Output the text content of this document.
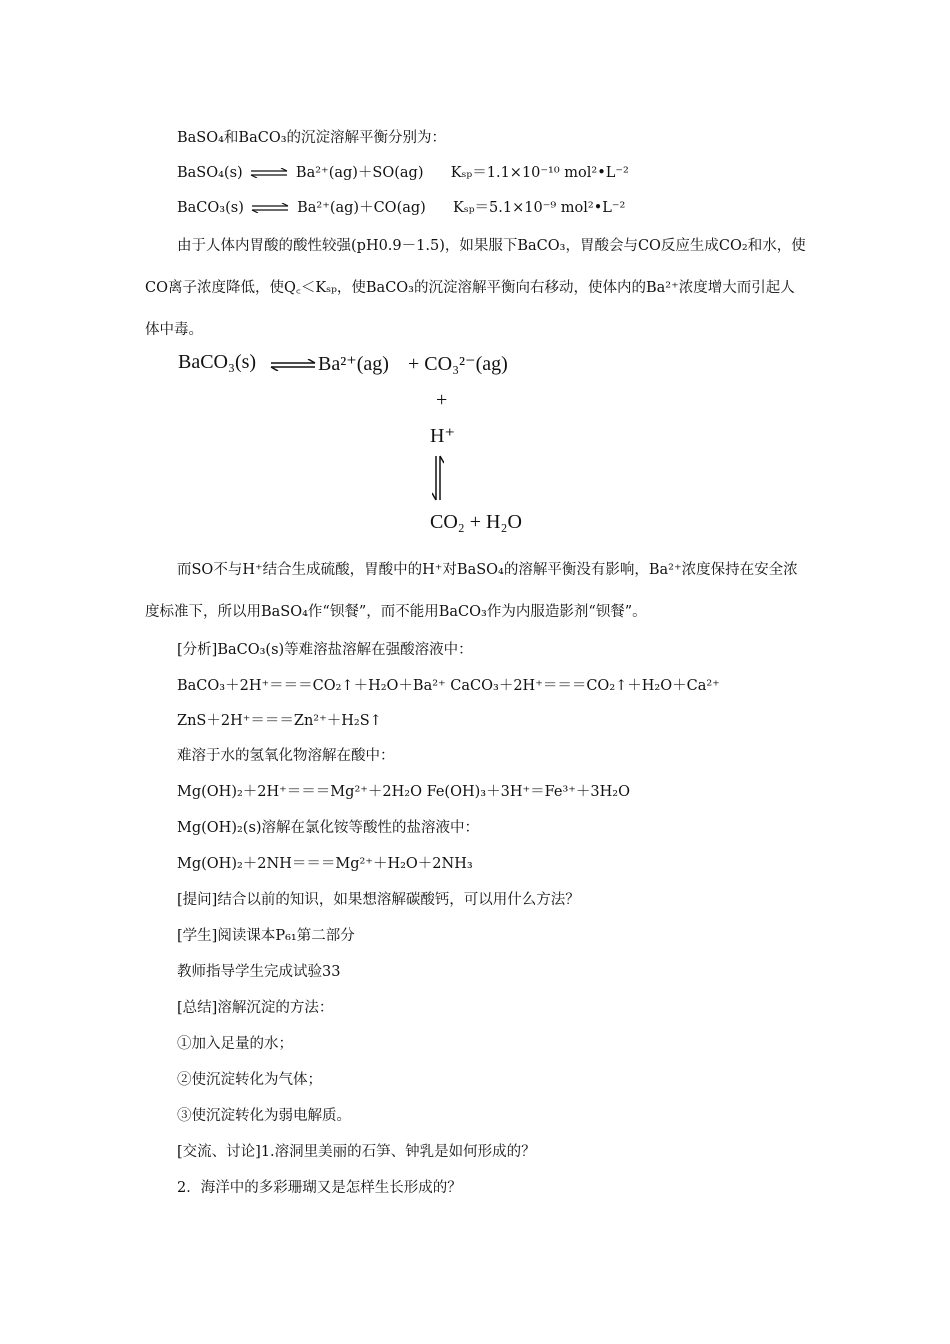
BaSO₄和BaCO₃的沉淀溶解平衡分别为：
BaSO₄(s) ⇌ Ba²⁺(ag)＋SO(ag) Kₛₚ＝1.1×10⁻¹⁰ mol²•L⁻²
BaCO₃(s) ⇌ Ba²⁺(ag)＋CO(ag) Kₛₚ＝5.1×10⁻⁹ mol²•L⁻²
由于人体内胃酸的酸性较强(pH0.9－1.5)，如果服下BaCO₃，胃酸会与CO反应生成CO₂和水，使CO离子浓度降低，使Q꜀＜Kₛₚ，使BaCO₃的沉淀溶解平衡向右移动，使体内的Ba²⁺浓度增大而引起人体中毒。
BaCO₃(s) ⇌ Ba²⁺(ag) + CO₃²⁻(ag)
+
H⁺
CO₂ + H₂O
而SO不与H⁺结合生成硫酸，胃酸中的H⁺对BaSO₄的溶解平衡没有影响，Ba²⁺浓度保持在安全浓度标准下，所以用BaSO₄作“钡餐”，而不能用BaCO₃作为内服造影剂“钡餐”。
[分析]BaCO₃(s)等难溶盐溶解在强酸溶液中：
BaCO₃＋2H⁺＝＝＝CO₂↑＋H₂O＋Ba²⁺ CaCO₃＋2H⁺＝＝＝CO₂↑＋H₂O＋Ca²⁺
ZnS＋2H⁺＝＝＝Zn²⁺＋H₂S↑
难溶于水的氢氧化物溶解在酸中：
Mg(OH)₂＋2H⁺＝＝＝Mg²⁺＋2H₂O Fe(OH)₃＋3H⁺＝Fe³⁺＋3H₂O
Mg(OH)₂(s)溶解在氯化铵等酸性的盐溶液中：
Mg(OH)₂＋2NH＝＝＝Mg²⁺＋H₂O＋2NH₃
[提问]结合以前的知识，如果想溶解碳酸钙，可以用什么方法？
[学生]阅读课本P₆₁第二部分
教师指导学生完成试验33
[总结]溶解沉淀的方法：
①加入足量的水；
②使沉淀转化为气体；
③使沉淀转化为弱电解质。
[交流、讨论]1.溶洞里美丽的石笋、钟乳是如何形成的？
2．海洋中的多彩珊瑚又是怎样生长形成的？
